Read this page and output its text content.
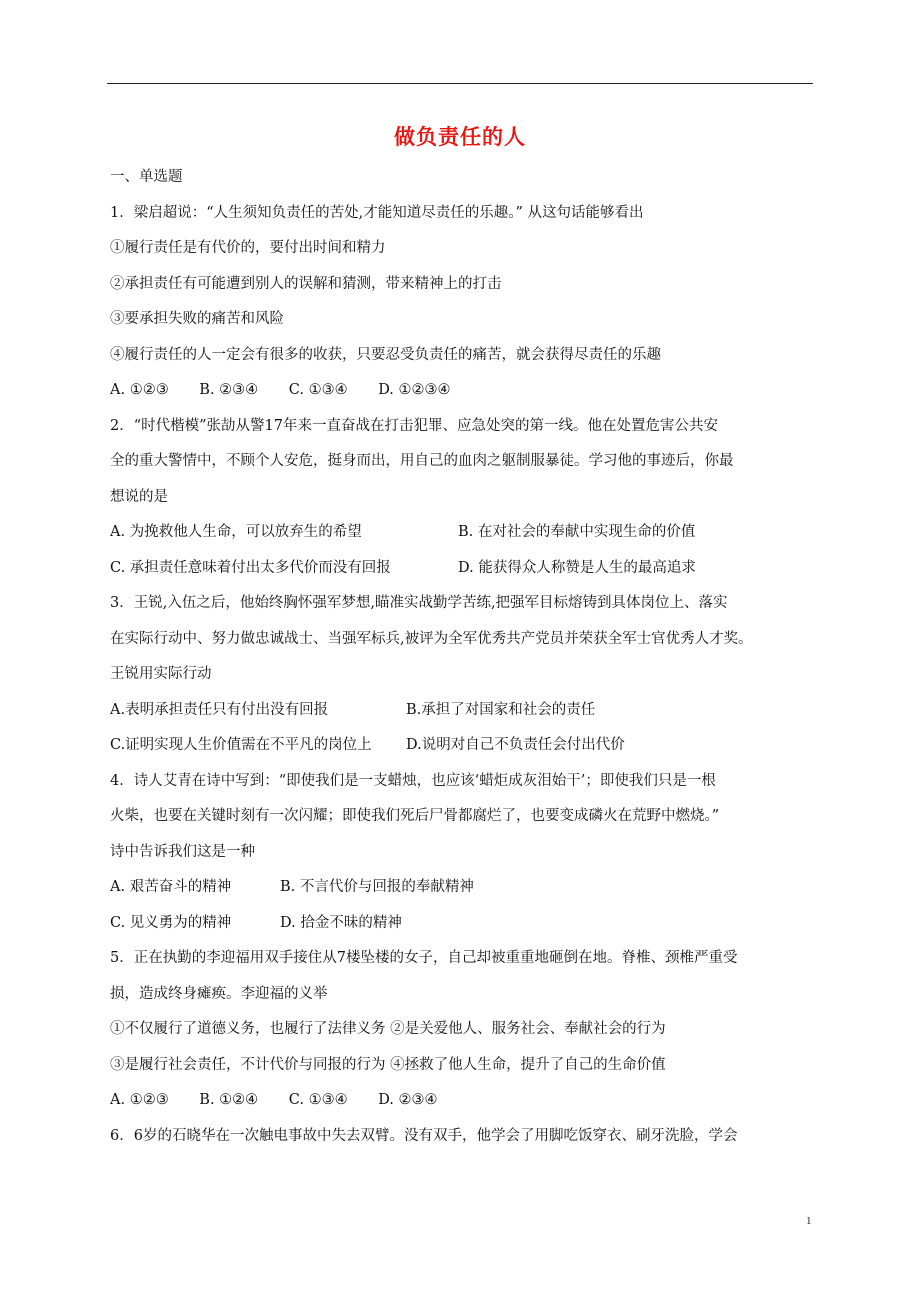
做负责任的人
一、单选题
1．梁启超说：“人生须知负责任的苦处,才能知道尽责任的乐趣。” 从这句话能够看出
①履行责任是有代价的，要付出时间和精力
②承担责任有可能遭到别人的误解和猜测，带来精神上的打击
③要承担失败的痛苦和风险
④履行责任的人一定会有很多的收获，只要忍受负责任的痛苦，就会获得尽责任的乐趣
A. ①②③ B. ②③④ C. ①③④ D. ①②③④
2．“时代楷模”张劼从警17年来一直奋战在打击犯罪、应急处突的第一线。他在处置危害公共安
全的重大警情中，不顾个人安危，挺身而出，用自己的血肉之躯制服暴徒。学习他的事迹后，你最
想说的是
A. 为挽救他人生命，可以放弃生的希望	B. 在对社会的奉献中实现生命的价值
C. 承担责任意味着付出太多代价而没有回报	D. 能获得众人称赞是人生的最高追求
3．王锐,入伍之后，他始终胸怀强军梦想,瞄准实战勤学苦练,把强军目标熔铸到具体岗位上、落实
在实际行动中、努力做忠诚战士、当强军标兵,被评为全军优秀共产党员并荣获全军士官优秀人才奖。
王锐用实际行动
A.表明承担责任只有付出没有回报	B.承担了对国家和社会的责任
C.证明实现人生价值需在不平凡的岗位上	D.说明对自己不负责任会付出代价
4．诗人艾青在诗中写到：“即使我们是一支蜡烛，也应该‘蜡炬成灰泪始干’；即使我们只是一根
火柴，也要在关键时刻有一次闪耀；即使我们死后尸骨都腐烂了，也要变成磷火在荒野中燃烧。”
诗中告诉我们这是一种
A. 艰苦奋斗的精神	B. 不言代价与回报的奉献精神
C. 见义勇为的精神	D. 拾金不昧的精神
5．正在执勤的李迎福用双手接住从7楼坠楼的女子，自己却被重重地砸倒在地。脊椎、颈椎严重受
损，造成终身瘫痪。李迎福的义举
①不仅履行了道德义务，也履行了法律义务 ②是关爱他人、服务社会、奉献社会的行为
③是履行社会责任，不计代价与同报的行为 ④拯救了他人生命，提升了自己的生命价值
A. ①②③ B. ①②④ C. ①③④ D. ②③④
6．6岁的石晓华在一次触电事故中失去双臂。没有双手，他学会了用脚吃饭穿衣、刷牙洗脸，学会
1
